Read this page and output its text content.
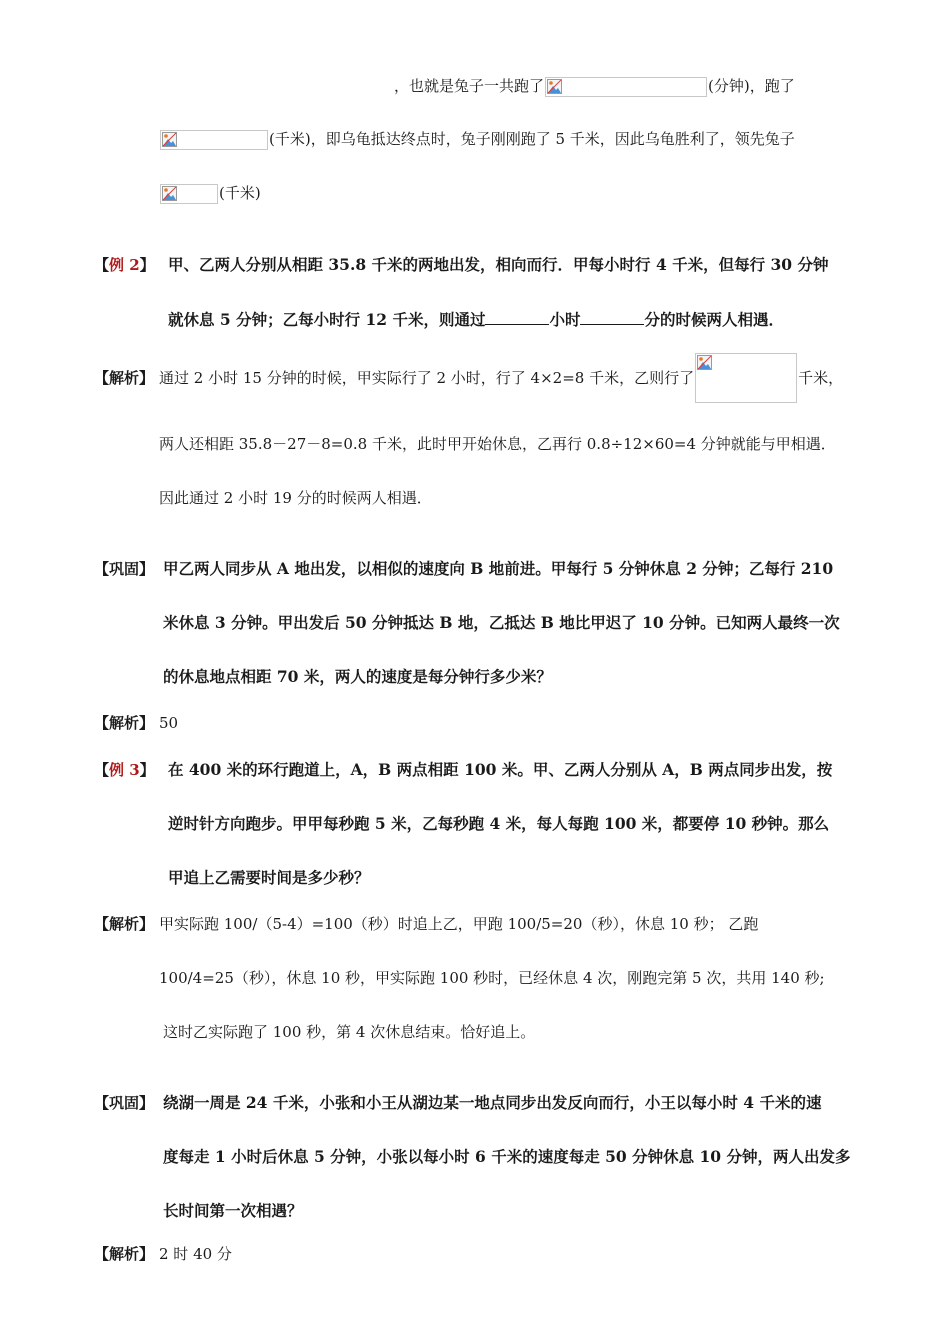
，也就是兔子一共跑了	(分钟)，跑了
(千米)，即乌龟抵达终点时，兔子刚刚跑了 5 千米，因此乌龟胜利了，领先兔子
(千米)
【例 2】 甲、乙两人分别从相距 35.8 千米的两地出发，相向而行．甲每小时行 4 千米，但每行 30 分钟
就休息 5 分钟；乙每小时行 12 千米，则通过	小时	分的时候两人相遇．
【解析】 通过 2 小时 15 分钟的时候，甲实际行了 2 小时，行了 4×2=8 千米，乙则行了	千米，
两人还相距 35.8－27－8=0.8 千米，此时甲开始休息，乙再行 0.8÷12×60=4 分钟就能与甲相遇．
因此通过 2 小时 19 分的时候两人相遇．
【巩固】 甲乙两人同步从 A 地出发，以相似的速度向 B 地前进。甲每行 5 分钟休息 2 分钟；乙每行 210
米休息 3 分钟。甲出发后 50 分钟抵达 B 地，乙抵达 B 地比甲迟了 10 分钟。已知两人最终一次
的休息地点相距 70 米，两人的速度是每分钟行多少米？
【解析】 50
【例 3】 在 400 米的环行跑道上，A，B 两点相距 100 米。甲、乙两人分别从 A，B 两点同步出发，按
逆时针方向跑步。甲甲每秒跑 5 米，乙每秒跑 4 米，每人每跑 100 米，都要停 10 秒钟。那么
甲追上乙需要时间是多少秒？
【解析】 甲实际跑 100/（5-4）=100（秒）时追上乙，甲跑 100/5=20（秒），休息 10 秒； 乙跑
100/4=25（秒），休息 10 秒，甲实际跑 100 秒时，已经休息 4 次，刚跑完第 5 次，共用 140 秒;
这时乙实际跑了 100 秒，第 4 次休息结束。恰好追上。
【巩固】 绕湖一周是 24 千米，小张和小王从湖边某一地点同步出发反向而行，小王以每小时 4 千米的速
度每走 1 小时后休息 5 分钟，小张以每小时 6 千米的速度每走 50 分钟休息 10 分钟，两人出发多
长时间第一次相遇？
【解析】 2 时 40 分
